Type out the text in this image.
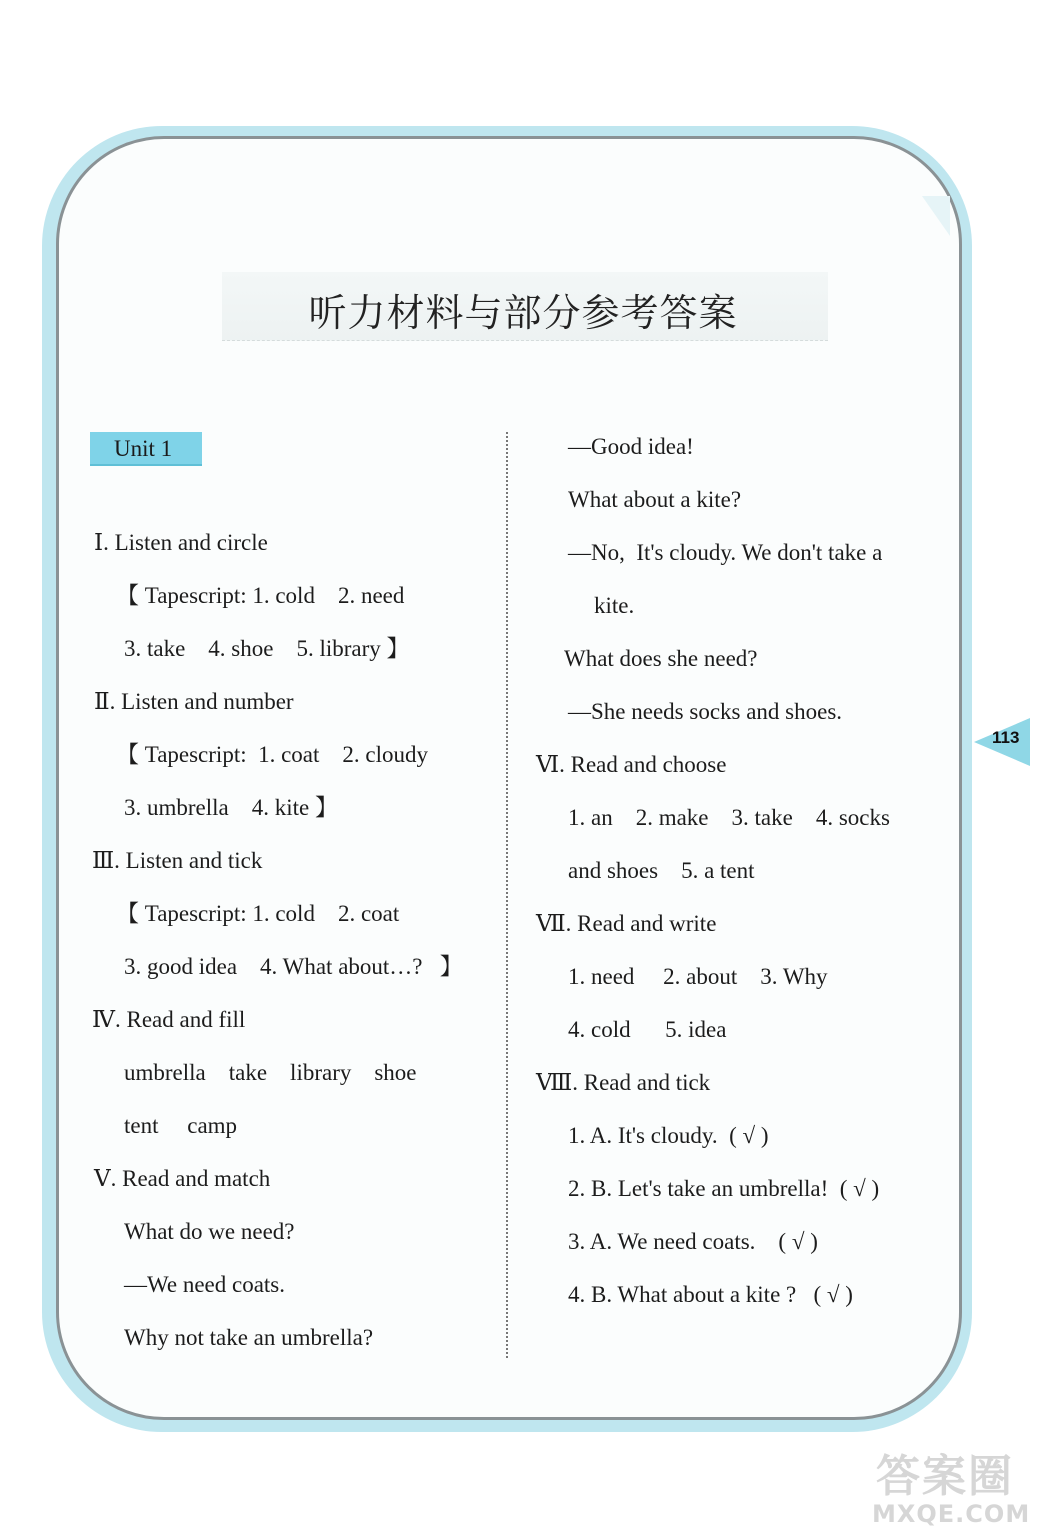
听力材料与部分参考答案
Unit 1
Ⅰ. Listen and circle
【 Tapescript: 1. cold    2. need
3. take    4. shoe    5. library 】
Ⅱ. Listen and number
【 Tapescript:  1. coat    2. cloudy
3. umbrella    4. kite 】
Ⅲ. Listen and tick
【 Tapescript: 1. cold    2. coat
3. good idea    4. What about…?   】
Ⅳ. Read and fill
umbrella    take    library    shoe
tent     camp
Ⅴ. Read and match
What do we need?
—We need coats.
Why not take an umbrella?
—Good idea!
What about a kite?
—No,  It's cloudy. We don't take a
kite.
What does she need?
—She needs socks and shoes.
Ⅵ. Read and choose
1. an    2. make    3. take    4. socks
and shoes    5. a tent
Ⅶ. Read and write
1. need     2. about    3. Why
4. cold      5. idea
Ⅷ. Read and tick
1. A. It's cloudy.  ( √ )
2. B. Let's take an umbrella!  ( √ )
3. A. We need coats.    ( √ )
4. B. What about a kite ?   ( √ )
113
答案圈
MXQE.COM
